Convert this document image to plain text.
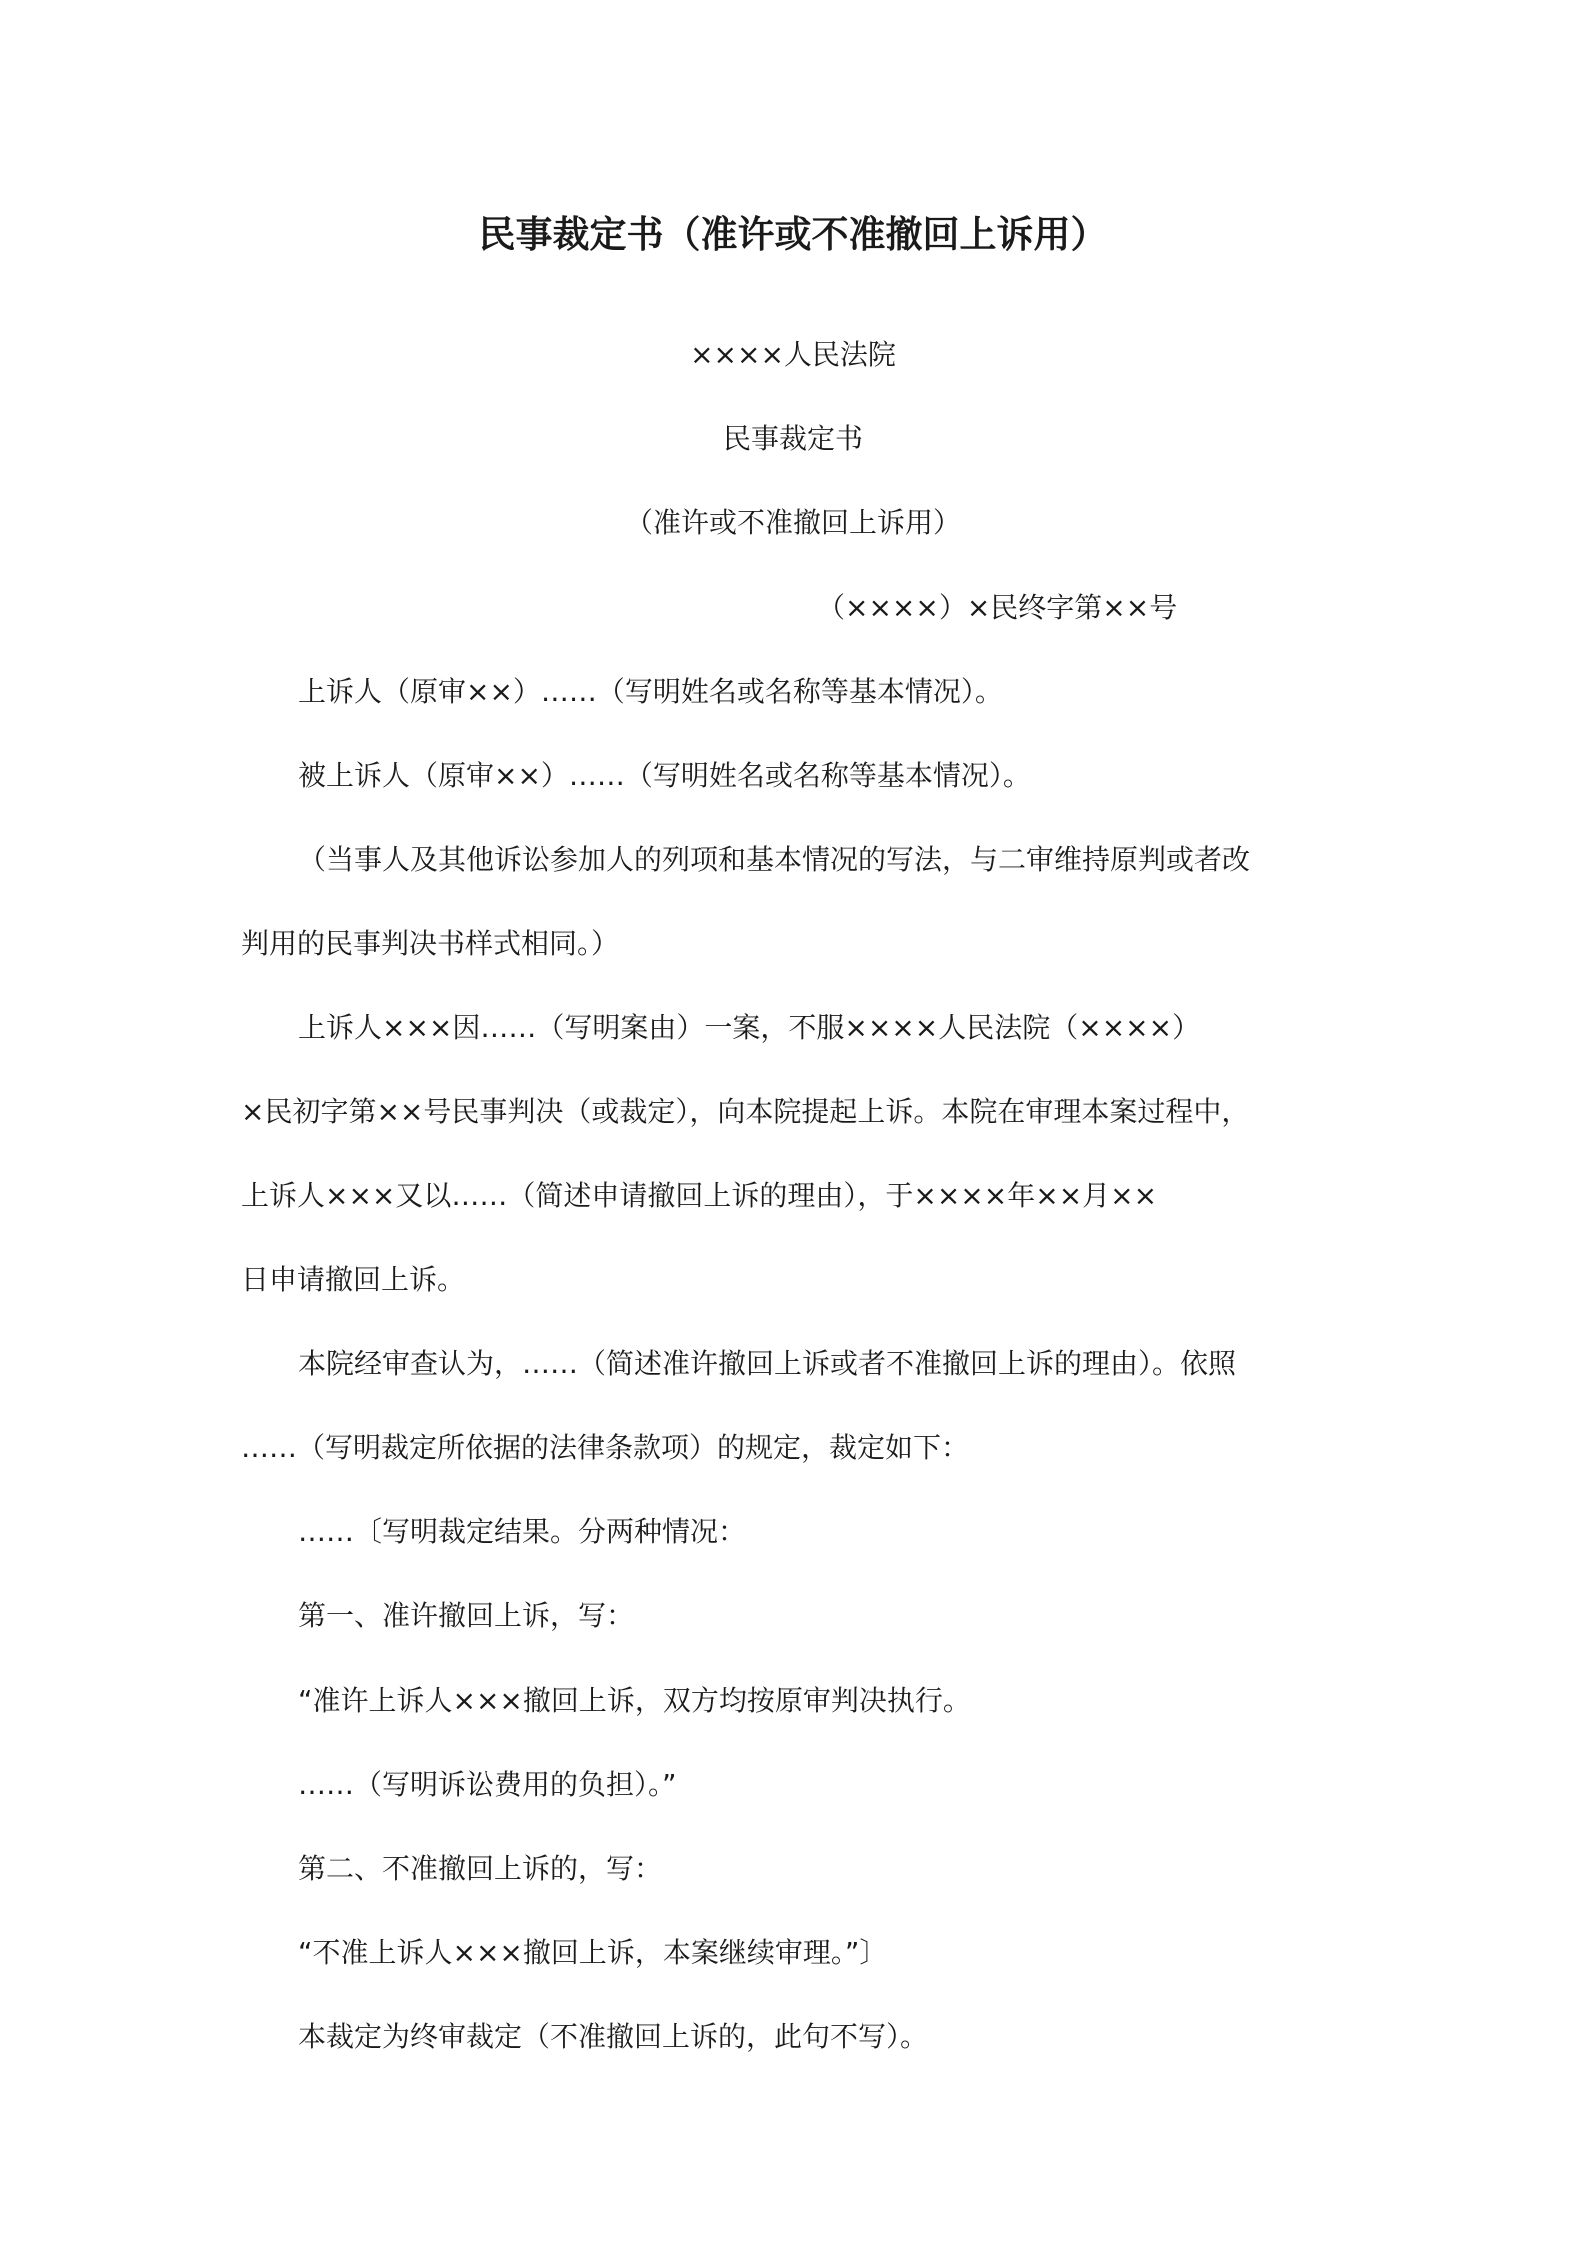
民事裁定书（准许或不准撤回上诉用）
××××人民法院
民事裁定书
（准许或不准撤回上诉用）
（××××）×民终字第××号
上诉人（原审××）……（写明姓名或名称等基本情况）。
被上诉人（原审××）……（写明姓名或名称等基本情况）。
（当事人及其他诉讼参加人的列项和基本情况的写法，与二审维持原判或者改
判用的民事判决书样式相同。）
上诉人×××因……（写明案由）一案，不服××××人民法院（××××）
×民初字第××号民事判决（或裁定），向本院提起上诉。本院在审理本案过程中，
上诉人×××又以……（简述申请撤回上诉的理由），于××××年××月××
日申请撤回上诉。
本院经审查认为，……（简述准许撤回上诉或者不准撤回上诉的理由）。依照
……（写明裁定所依据的法律条款项）的规定，裁定如下：
……〔写明裁定结果。分两种情况：
第一、准许撤回上诉，写：
“准许上诉人×××撤回上诉，双方均按原审判决执行。
……（写明诉讼费用的负担）。”
第二、不准撤回上诉的，写：
“不准上诉人×××撤回上诉，本案继续审理。”〕
本裁定为终审裁定（不准撤回上诉的，此句不写）。
